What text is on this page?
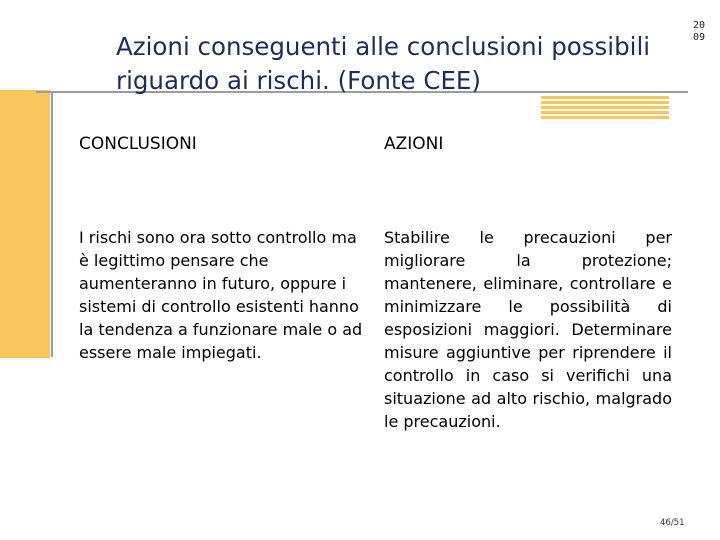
Azioni conseguenti alle conclusioni possibili riguardo ai rischi. (Fonte CEE)
2009
CONCLUSIONI	AZIONI
I rischi sono ora sotto controllo ma è legittimo pensare che aumenteranno in futuro, oppure i sistemi di controllo esistenti hanno la tendenza a funzionare male o ad essere male impiegati.
Stabilire le precauzioni per migliorare la protezione; mantenere, eliminare, controllare e minimizzare le possibilità di esposizioni maggiori. Determinare misure aggiuntive per riprendere il controllo in caso si verifichi una situazione ad alto rischio, malgrado le precauzioni.
46/51
